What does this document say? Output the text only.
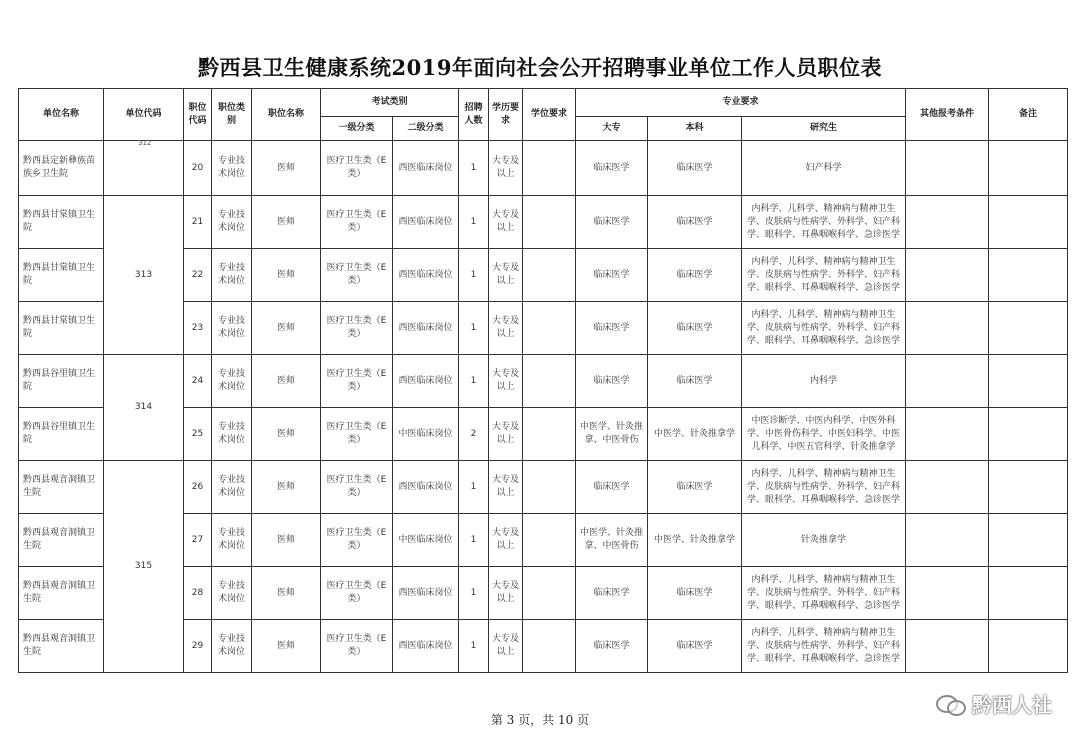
黔西县卫生健康系统2019年面向社会公开招聘事业单位工作人员职位表
单位名称	单位代码	职位代码	职位类别	职位名称	考试类别		招聘人数	学历要求	学位要求	专业要求			其他报考条件	备注
					一级分类	二级分类				大专	本科	研究生		
黔西县定新彝族苗族乡卫生院		20	专业技术岗位	医师	医疗卫生类（E类）	西医临床岗位	1	大专及以上		临床医学	临床医学	妇产科学		
黔西县甘棠镇卫生院	313	21	专业技术岗位	医师	医疗卫生类（E类）	西医临床岗位	1	大专及以上		临床医学	临床医学	内科学、儿科学、精神病与精神卫生学、皮肤病与性病学、外科学、妇产科学、眼科学、耳鼻咽喉科学、急诊医学		
黔西县甘棠镇卫生院		22	专业技术岗位	医师	医疗卫生类（E类）	西医临床岗位	1	大专及以上		临床医学	临床医学	内科学、儿科学、精神病与精神卫生学、皮肤病与性病学、外科学、妇产科学、眼科学、耳鼻咽喉科学、急诊医学		
黔西县甘棠镇卫生院		23	专业技术岗位	医师	医疗卫生类（E类）	西医临床岗位	1	大专及以上		临床医学	临床医学	内科学、儿科学、精神病与精神卫生学、皮肤病与性病学、外科学、妇产科学、眼科学、耳鼻咽喉科学、急诊医学		
黔西县谷里镇卫生院	314	24	专业技术岗位	医师	医疗卫生类（E类）	西医临床岗位	1	大专及以上		临床医学	临床医学	内科学		
黔西县谷里镇卫生院		25	专业技术岗位	医师	医疗卫生类（E类）	中医临床岗位	2	大专及以上		中医学、针灸推拿、中医骨伤	中医学、针灸推拿学	中医诊断学、中医内科学、中医外科学、中医骨伤科学、中医妇科学、中医儿科学、中医五官科学、针灸推拿学		
黔西县观音洞镇卫生院	315	26	专业技术岗位	医师	医疗卫生类（E类）	西医临床岗位	1	大专及以上		临床医学	临床医学	内科学、儿科学、精神病与精神卫生学、皮肤病与性病学、外科学、妇产科学、眼科学、耳鼻咽喉科学、急诊医学		
黔西县观音洞镇卫生院		27	专业技术岗位	医师	医疗卫生类（E类）	中医临床岗位	1	大专及以上		中医学、针灸推拿、中医骨伤	中医学、针灸推拿学	针灸推拿学		
黔西县观音洞镇卫生院		28	专业技术岗位	医师	医疗卫生类（E类）	西医临床岗位	1	大专及以上		临床医学	临床医学	内科学、儿科学、精神病与精神卫生学、皮肤病与性病学、外科学、妇产科学、眼科学、耳鼻咽喉科学、急诊医学		
黔西县观音洞镇卫生院		29	专业技术岗位	医师	医疗卫生类（E类）	西医临床岗位	1	大专及以上		临床医学	临床医学	内科学、儿科学、精神病与精神卫生学、皮肤病与性病学、外科学、妇产科学、眼科学、耳鼻咽喉科学、急诊医学		
312
第 3 页，共 10 页
黔西人社
